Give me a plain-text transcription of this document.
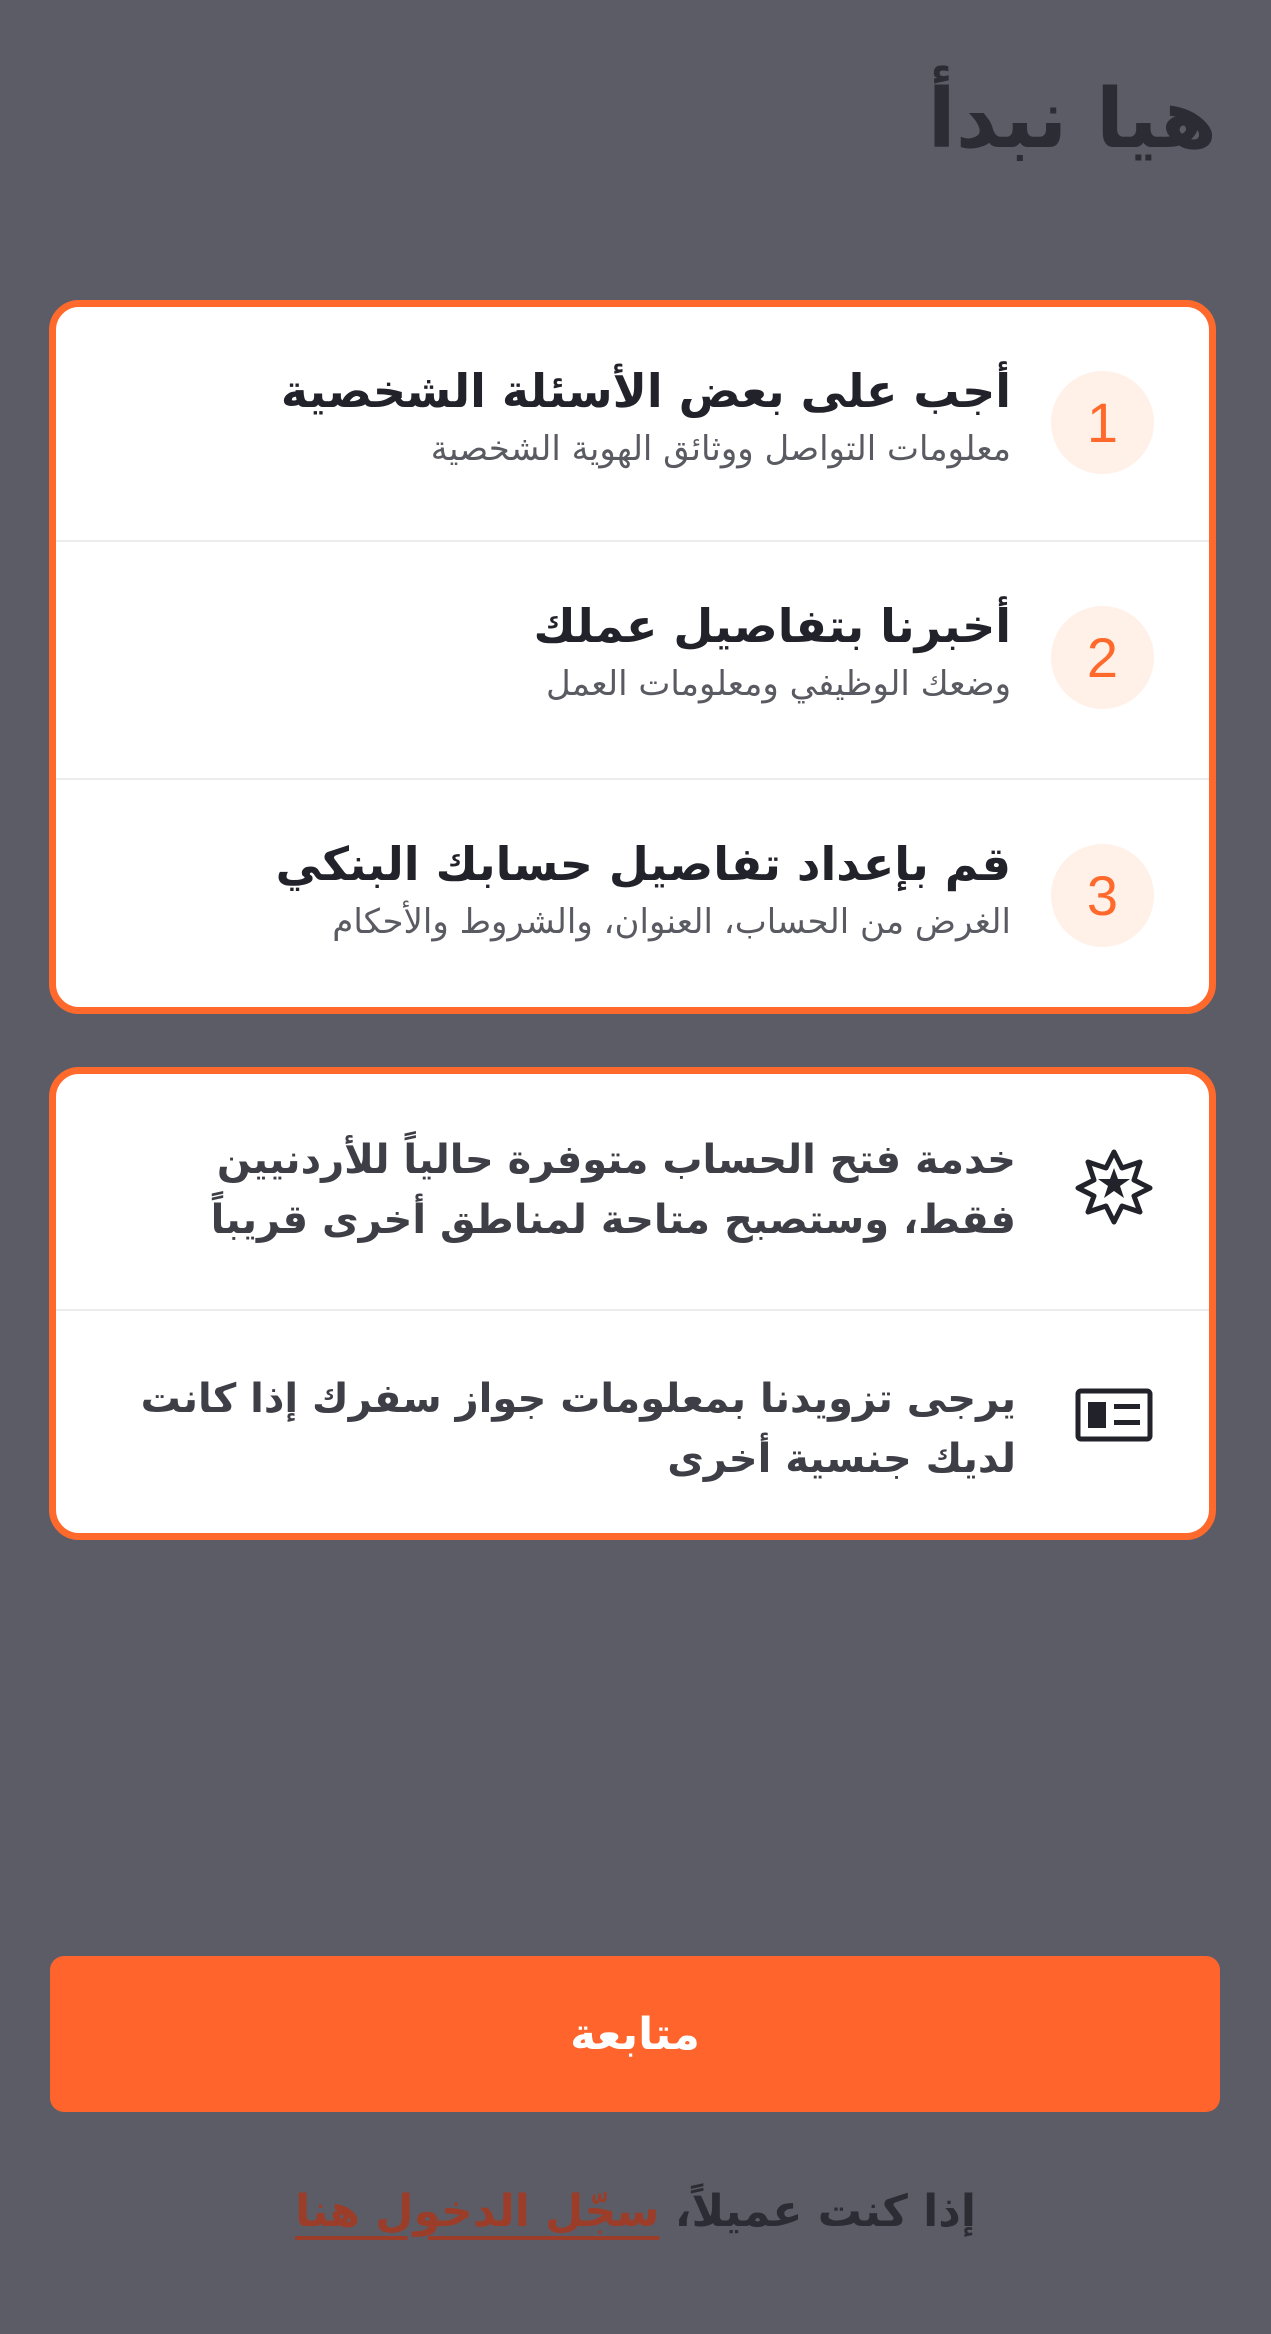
هيا نبدأ
1
أجب على بعض الأسئلة الشخصية
معلومات التواصل ووثائق الهوية الشخصية
2
أخبرنا بتفاصيل عملك
وضعك الوظيفي ومعلومات العمل
3
قم بإعداد تفاصيل حسابك البنكي
الغرض من الحساب، العنوان، والشروط والأحكام
خدمة فتح الحساب متوفرة حالياً للأردنيين فقط، وستصبح متاحة لمناطق أخرى قريباً
يرجى تزويدنا بمعلومات جواز سفرك إذا كانت لديك جنسية أخرى
متابعة
إذا كنت عميلاً، سجّل الدخول هنا
